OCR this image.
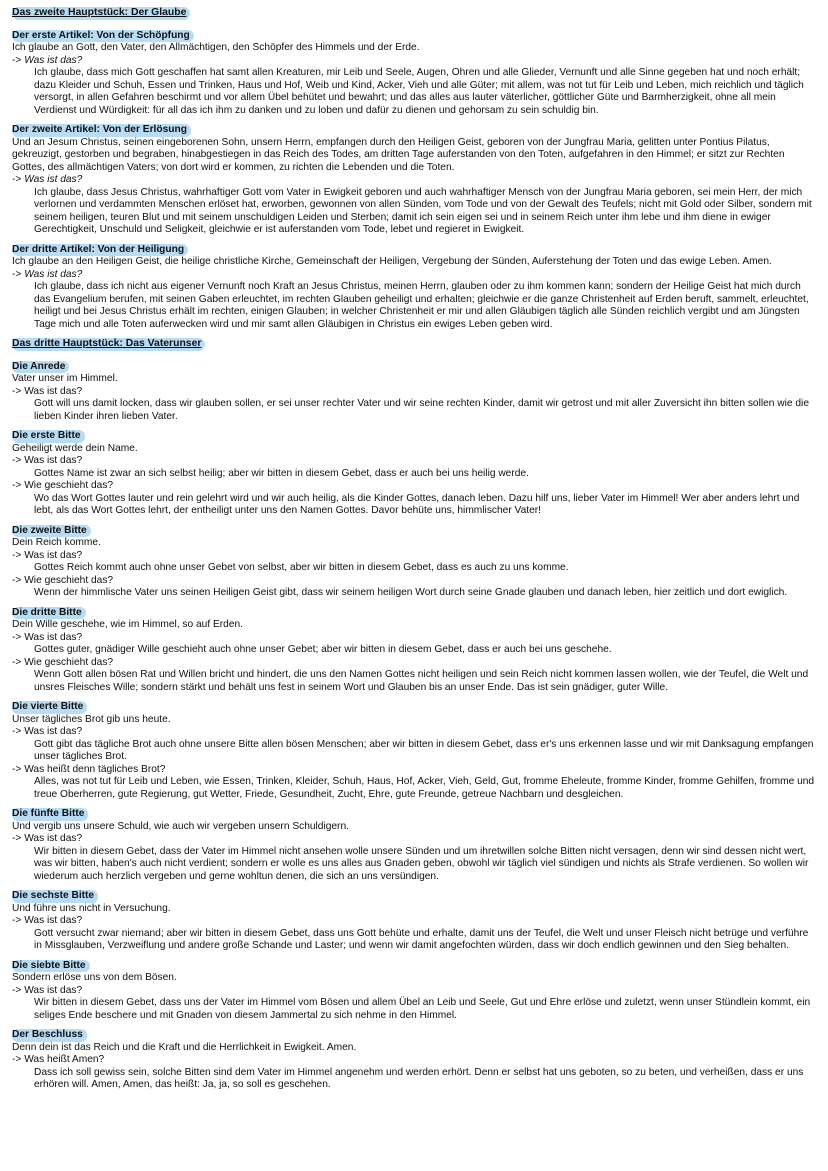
Das zweite Hauptstück: Der Glaube
Der erste Artikel: Von der Schöpfung
Ich glaube an Gott, den Vater, den Allmächtigen, den Schöpfer des Himmels und der Erde.
-> Was ist das?
Ich glaube, dass mich Gott geschaffen hat samt allen Kreaturen, mir Leib und Seele, Augen, Ohren und alle Glieder, Vernunft und alle Sinne gegeben hat und noch erhält; dazu Kleider und Schuh, Essen und Trinken, Haus und Hof, Weib und Kind, Acker, Vieh und alle Güter; mit allem, was not tut für Leib und Leben, mich reichlich und täglich versorgt, in allen Gefahren beschirmt und vor allem Übel behütet und bewahrt; und das alles aus lauter väterlicher, göttlicher Güte und Barmherzigkeit, ohne all mein Verdienst und Würdigkeit: für all das ich ihm zu danken und zu loben und dafür zu dienen und gehorsam zu sein schuldig bin.
Der zweite Artikel: Von der Erlösung
Und an Jesum Christus, seinen eingeborenen Sohn, unsern Herrn, empfangen durch den Heiligen Geist, geboren von der Jungfrau Maria, gelitten unter Pontius Pilatus, gekreuzigt, gestorben und begraben, hinabgestiegen in das Reich des Todes, am dritten Tage auferstanden von den Toten, aufgefahren in den Himmel; er sitzt zur Rechten Gottes, des allmächtigen Vaters; von dort wird er kommen, zu richten die Lebenden und die Toten.
-> Was ist das?
Ich glaube, dass Jesus Christus, wahrhaftiger Gott vom Vater in Ewigkeit geboren und auch wahrhaftiger Mensch von der Jungfrau Maria geboren, sei mein Herr, der mich verlornen und verdammten Menschen erlöset hat, erworben, gewonnen von allen Sünden, vom Tode und von der Gewalt des Teufels; nicht mit Gold oder Silber, sondern mit seinem heiligen, teuren Blut und mit seinem unschuldigen Leiden und Sterben; damit ich sein eigen sei und in seinem Reich unter ihm lebe und ihm diene in ewiger Gerechtigkeit, Unschuld und Seligkeit, gleichwie er ist auferstanden vom Tode, lebet und regieret in Ewigkeit.
Der dritte Artikel: Von der Heiligung
Ich glaube an den Heiligen Geist, die heilige christliche Kirche, Gemeinschaft der Heiligen, Vergebung der Sünden, Auferstehung der Toten und das ewige Leben. Amen.
-> Was ist das?
Ich glaube, dass ich nicht aus eigener Vernunft noch Kraft an Jesus Christus, meinen Herrn, glauben oder zu ihm kommen kann; sondern der Heilige Geist hat mich durch das Evangelium berufen, mit seinen Gaben erleuchtet, im rechten Glauben geheiligt und erhalten; gleichwie er die ganze Christenheit auf Erden beruft, sammelt, erleuchtet, heiligt und bei Jesus Christus erhält im rechten, einigen Glauben; in welcher Christenheit er mir und allen Gläubigen täglich alle Sünden reichlich vergibt und am Jüngsten Tage mich und alle Toten auferwecken wird und mir samt allen Gläubigen in Christus ein ewiges Leben geben wird.
Das dritte Hauptstück: Das Vaterunser
Die Anrede
Vater unser im Himmel.
-> Was ist das?
Gott will uns damit locken, dass wir glauben sollen, er sei unser rechter Vater und wir seine rechten Kinder, damit wir getrost und mit aller Zuversicht ihn bitten sollen wie die lieben Kinder ihren lieben Vater.
Die erste Bitte
Geheiligt werde dein Name.
-> Was ist das?
Gottes Name ist zwar an sich selbst heilig; aber wir bitten in diesem Gebet, dass er auch bei uns heilig werde.
-> Wie geschieht das?
Wo das Wort Gottes lauter und rein gelehrt wird und wir auch heilig, als die Kinder Gottes, danach leben. Dazu hilf uns, lieber Vater im Himmel! Wer aber anders lehrt und lebt, als das Wort Gottes lehrt, der entheiligt unter uns den Namen Gottes. Davor behüte uns, himmlischer Vater!
Die zweite Bitte
Dein Reich komme.
-> Was ist das?
Gottes Reich kommt auch ohne unser Gebet von selbst, aber wir bitten in diesem Gebet, dass es auch zu uns komme.
-> Wie geschieht das?
Wenn der himmlische Vater uns seinen Heiligen Geist gibt, dass wir seinem heiligen Wort durch seine Gnade glauben und danach leben, hier zeitlich und dort ewiglich.
Die dritte Bitte
Dein Wille geschehe, wie im Himmel, so auf Erden.
-> Was ist das?
Gottes guter, gnädiger Wille geschieht auch ohne unser Gebet; aber wir bitten in diesem Gebet, dass er auch bei uns geschehe.
-> Wie geschieht das?
Wenn Gott allen bösen Rat und Willen bricht und hindert, die uns den Namen Gottes nicht heiligen und sein Reich nicht kommen lassen wollen, wie der Teufel, die Welt und unsres Fleisches Wille; sondern stärkt und behält uns fest in seinem Wort und Glauben bis an unser Ende. Das ist sein gnädiger, guter Wille.
Die vierte Bitte
Unser tägliches Brot gib uns heute.
-> Was ist das?
Gott gibt das tägliche Brot auch ohne unsere Bitte allen bösen Menschen; aber wir bitten in diesem Gebet, dass er's uns erkennen lasse und wir mit Danksagung empfangen unser tägliches Brot.
-> Was heißt denn tägliches Brot?
Alles, was not tut für Leib und Leben, wie Essen, Trinken, Kleider, Schuh, Haus, Hof, Acker, Vieh, Geld, Gut, fromme Eheleute, fromme Kinder, fromme Gehilfen, fromme und treue Oberherren, gute Regierung, gut Wetter, Friede, Gesundheit, Zucht, Ehre, gute Freunde, getreue Nachbarn und desgleichen.
Die fünfte Bitte
Und vergib uns unsere Schuld, wie auch wir vergeben unsern Schuldigern.
-> Was ist das?
Wir bitten in diesem Gebet, dass der Vater im Himmel nicht ansehen wolle unsere Sünden und um ihretwillen solche Bitten nicht versagen, denn wir sind dessen nicht wert, was wir bitten, haben's auch nicht verdient; sondern er wolle es uns alles aus Gnaden geben, obwohl wir täglich viel sündigen und nichts als Strafe verdienen. So wollen wir wiederum auch herzlich vergeben und gerne wohltun denen, die sich an uns versündigen.
Die sechste Bitte
Und führe uns nicht in Versuchung.
-> Was ist das?
Gott versucht zwar niemand; aber wir bitten in diesem Gebet, dass uns Gott behüte und erhalte, damit uns der Teufel, die Welt und unser Fleisch nicht betrüge und verführe in Missglauben, Verzweiflung und andere große Schande und Laster; und wenn wir damit angefochten würden, dass wir doch endlich gewinnen und den Sieg behalten.
Die siebte Bitte
Sondern erlöse uns von dem Bösen.
-> Was ist das?
Wir bitten in diesem Gebet, dass uns der Vater im Himmel vom Bösen und allem Übel an Leib und Seele, Gut und Ehre erlöse und zuletzt, wenn unser Stündlein kommt, ein seliges Ende beschere und mit Gnaden von diesem Jammertal zu sich nehme in den Himmel.
Der Beschluss
Denn dein ist das Reich und die Kraft und die Herrlichkeit in Ewigkeit. Amen.
-> Was heißt Amen?
Dass ich soll gewiss sein, solche Bitten sind dem Vater im Himmel angenehm und werden erhört. Denn er selbst hat uns geboten, so zu beten, und verheißen, dass er uns erhören will. Amen, Amen, das heißt: Ja, ja, so soll es geschehen.
